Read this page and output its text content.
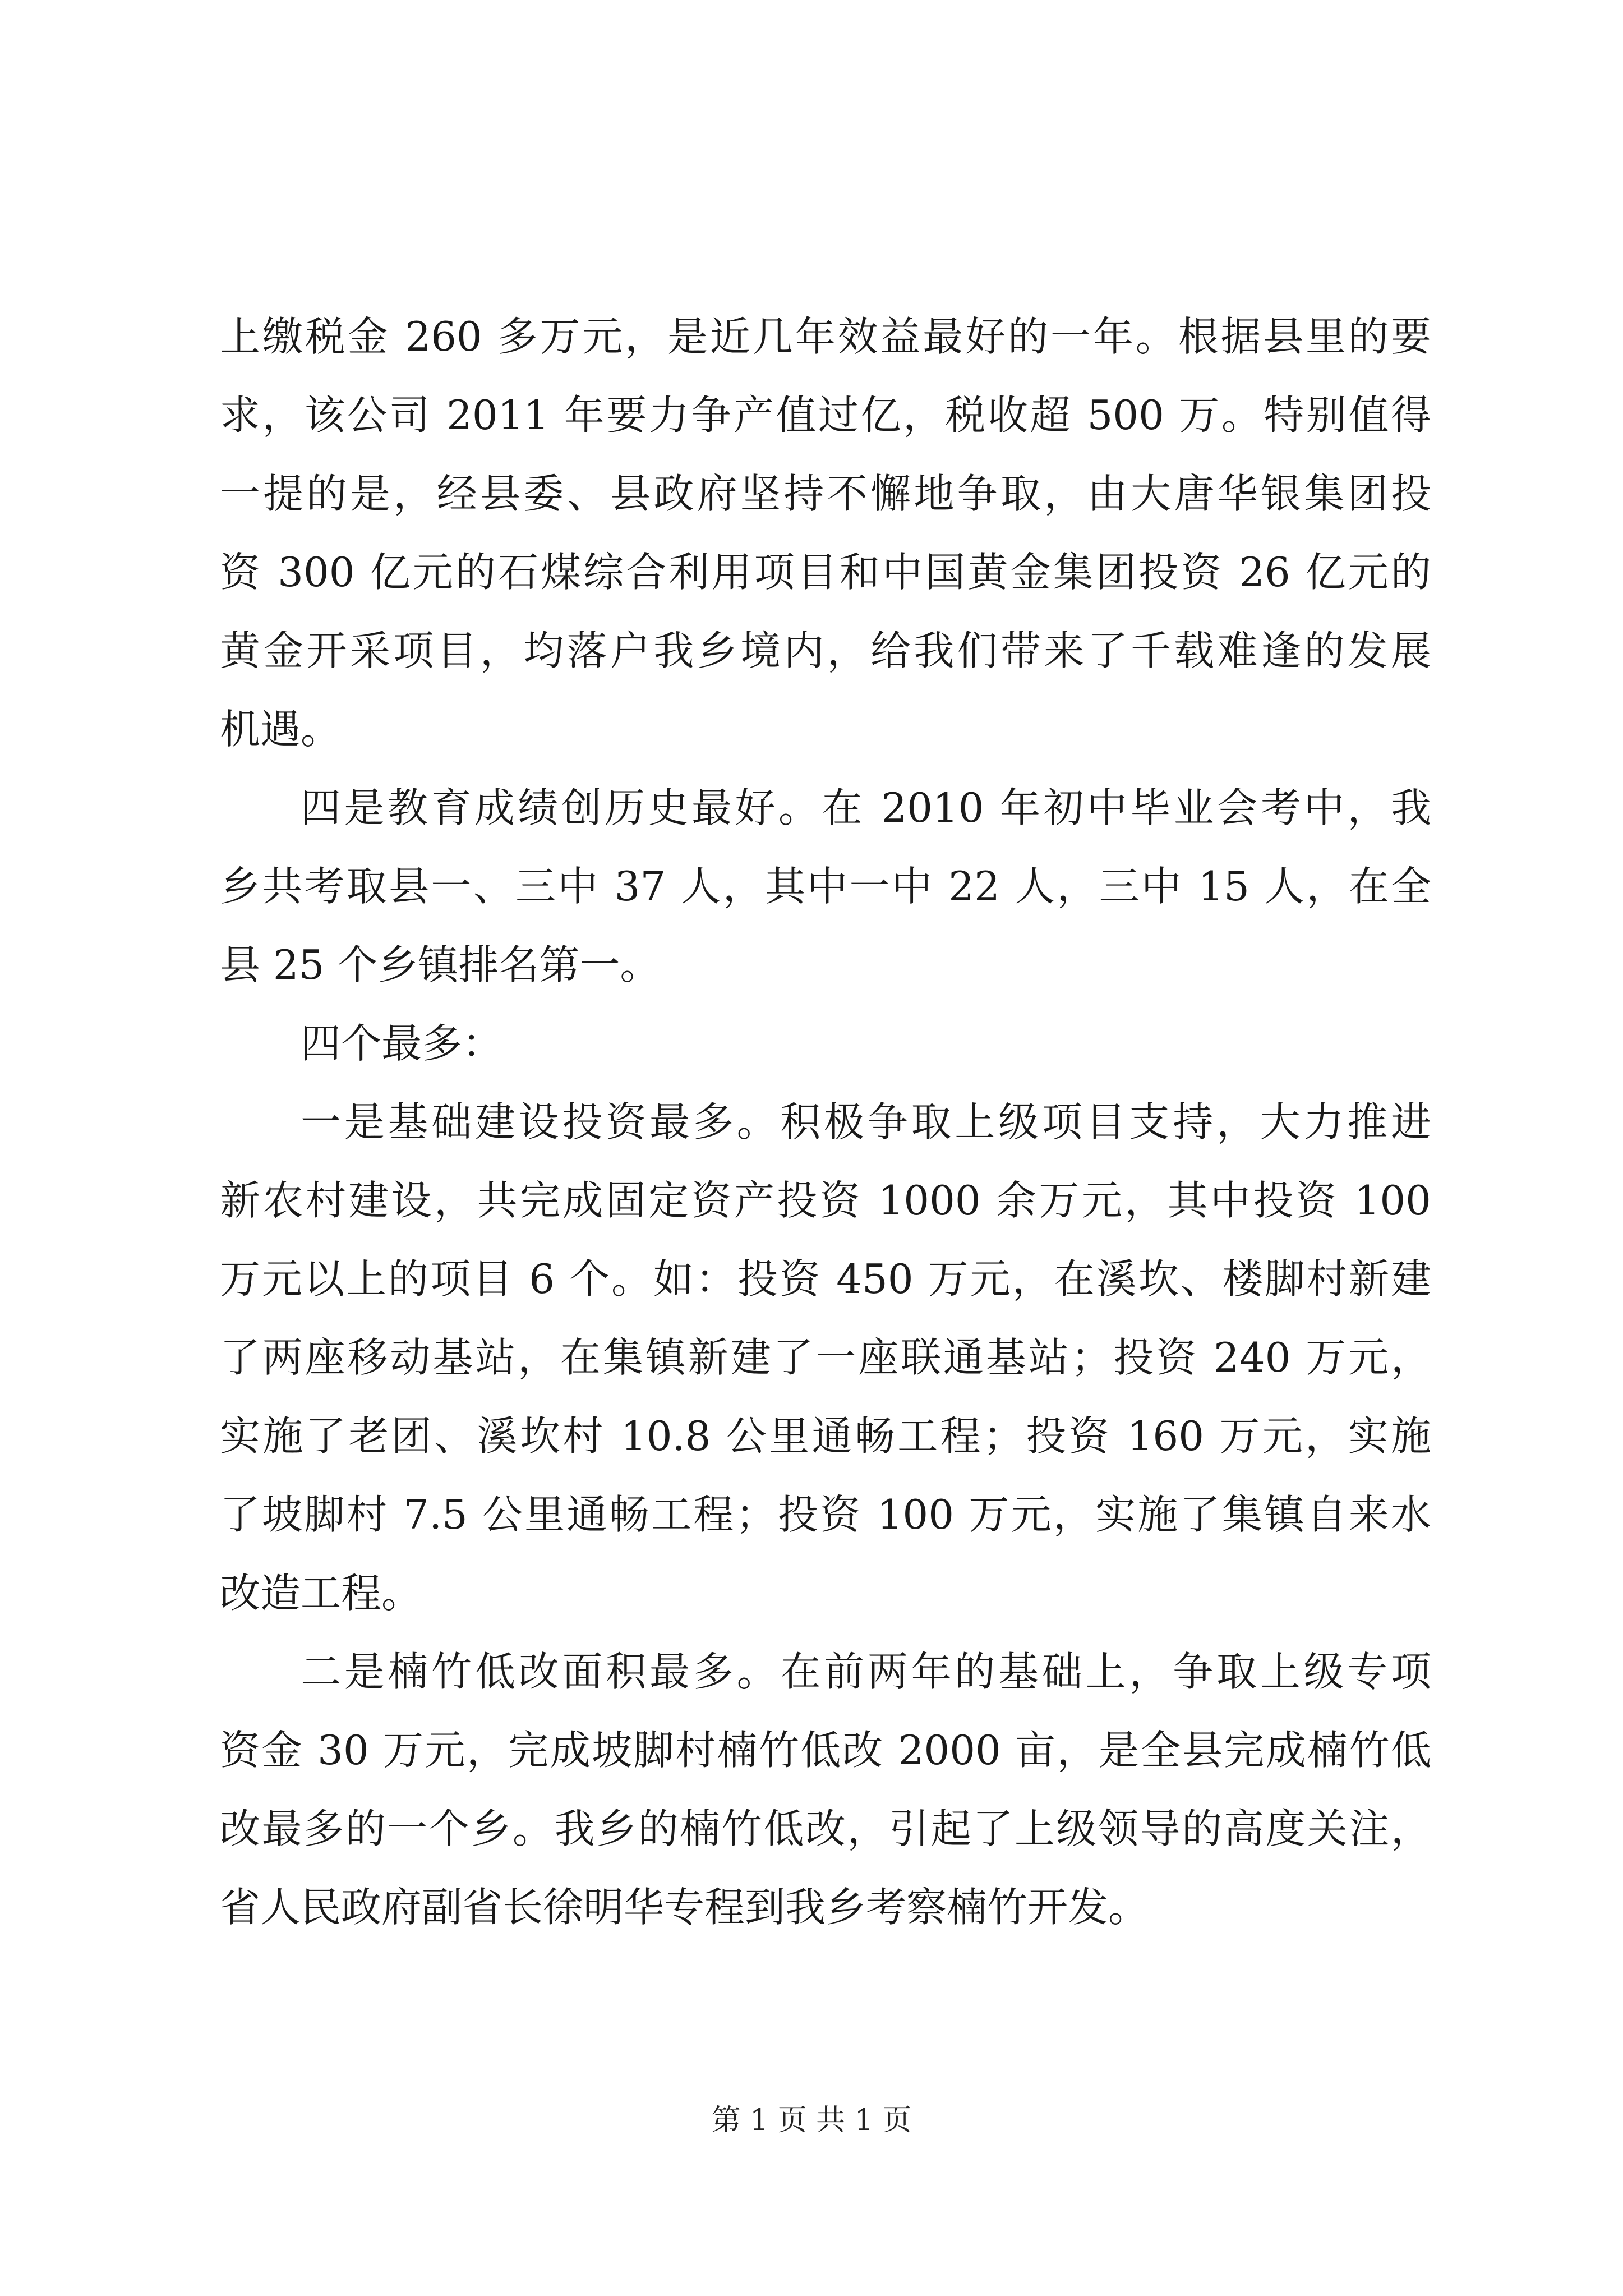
上缴税金 260 多万元，是近几年效益最好的一年。根据县里的要
求，该公司 2011 年要力争产值过亿，税收超 500 万。特别值得
一提的是，经县委、县政府坚持不懈地争取，由大唐华银集团投
资 300 亿元的石煤综合利用项目和中国黄金集团投资 26 亿元的
黄金开采项目，均落户我乡境内，给我们带来了千载难逢的发展
机遇。
四是教育成绩创历史最好。在 2010 年初中毕业会考中，我
乡共考取县一、三中 37 人，其中一中 22 人，三中 15 人，在全
县 25 个乡镇排名第一。
四个最多：
一是基础建设投资最多。积极争取上级项目支持，大力推进
新农村建设，共完成固定资产投资 1000 余万元，其中投资 100
万元以上的项目 6 个。如：投资 450 万元，在溪坎、楼脚村新建
了两座移动基站，在集镇新建了一座联通基站；投资 240 万元，
实施了老团、溪坎村 10.8 公里通畅工程；投资 160 万元，实施
了坡脚村 7.5 公里通畅工程；投资 100 万元，实施了集镇自来水
改造工程。
二是楠竹低改面积最多。在前两年的基础上，争取上级专项
资金 30 万元，完成坡脚村楠竹低改 2000 亩，是全县完成楠竹低
改最多的一个乡。我乡的楠竹低改，引起了上级领导的高度关注，
省人民政府副省长徐明华专程到我乡考察楠竹开发。
第 1 页 共 1 页
